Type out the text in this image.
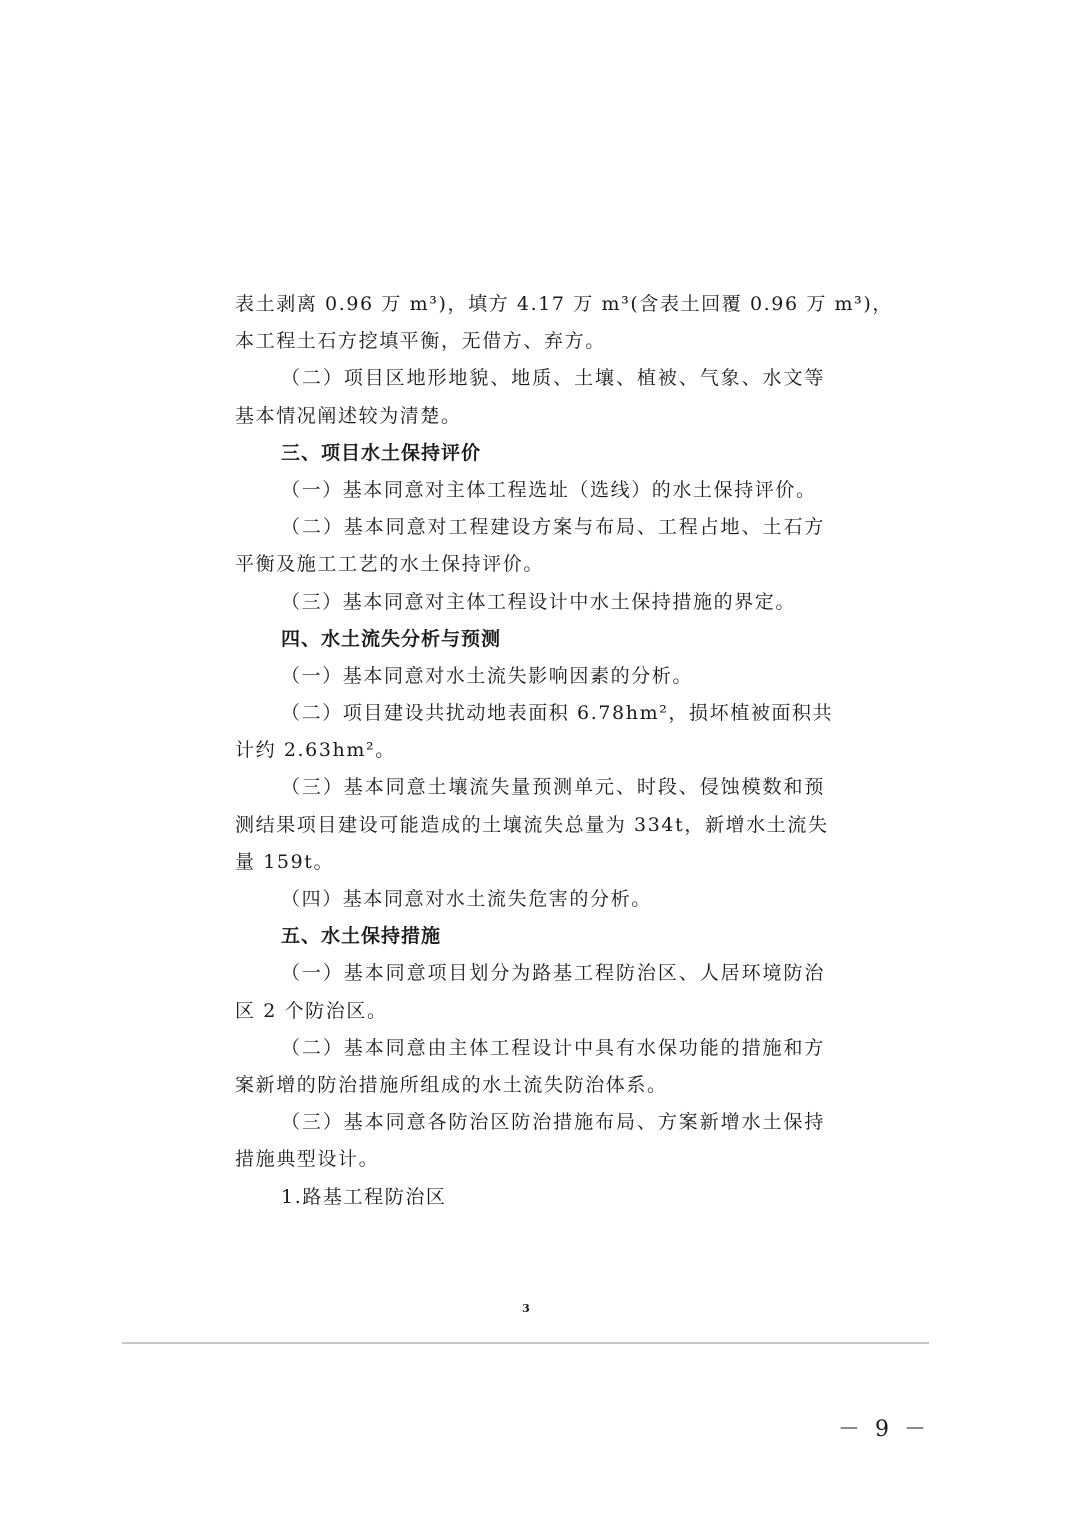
表土剥离 0.96 万 m³)，填方 4.17 万 m³(含表土回覆 0.96 万 m³)，
本工程土石方挖填平衡，无借方、弃方。
（二）项目区地形地貌、地质、土壤、植被、气象、水文等
基本情况阐述较为清楚。
三、项目水土保持评价
（一）基本同意对主体工程选址（选线）的水土保持评价。
（二）基本同意对工程建设方案与布局、工程占地、土石方
平衡及施工工艺的水土保持评价。
（三）基本同意对主体工程设计中水土保持措施的界定。
四、水土流失分析与预测
（一）基本同意对水土流失影响因素的分析。
（二）项目建设共扰动地表面积 6.78hm²，损坏植被面积共
计约 2.63hm²。
（三）基本同意土壤流失量预测单元、时段、侵蚀模数和预
测结果项目建设可能造成的土壤流失总量为 334t，新增水土流失
量 159t。
（四）基本同意对水土流失危害的分析。
五、水土保持措施
（一）基本同意项目划分为路基工程防治区、人居环境防治
区 2 个防治区。
（二）基本同意由主体工程设计中具有水保功能的措施和方
案新增的防治措施所组成的水土流失防治体系。
（三）基本同意各防治区防治措施布局、方案新增水土保持
措施典型设计。
1.路基工程防治区
3
－ 9 －
